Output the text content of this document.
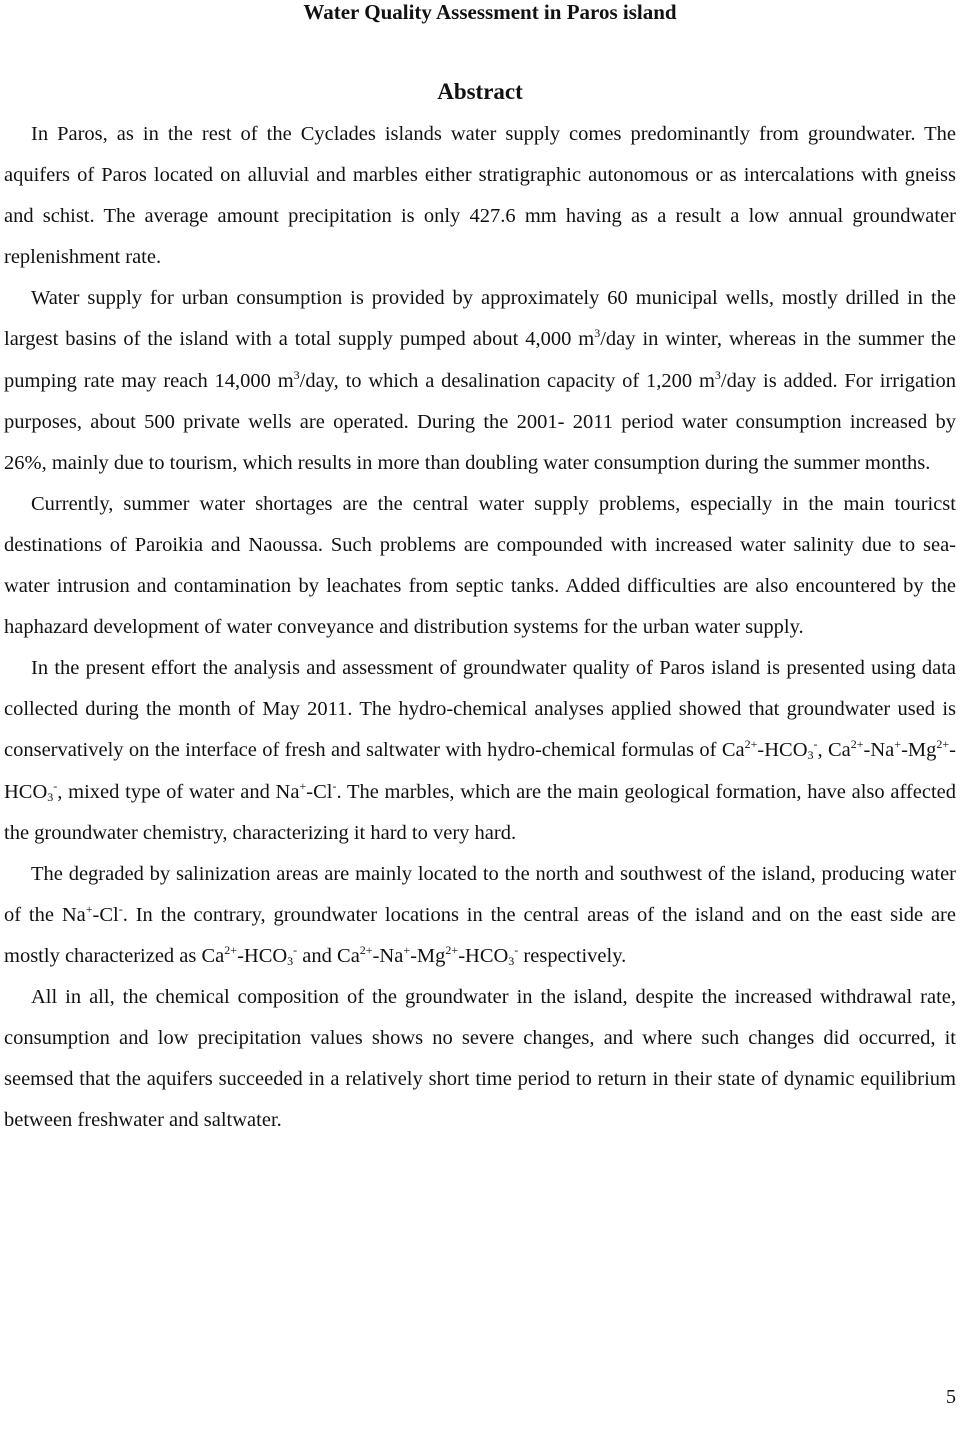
Water Quality Assessment in Paros island
Abstract

In Paros, as in the rest of the Cyclades islands water supply comes predominantly from groundwater. The aquifers of Paros located on alluvial and marbles either stratigraphic autonomous or as intercalations with gneiss and schist. The average amount precipitation is only 427.6 mm having as a result a low annual groundwater replenishment rate.

Water supply for urban consumption is provided by approximately 60 municipal wells, mostly drilled in the largest basins of the island with a total supply pumped about 4,000 $m^3$/day in winter, whereas in the summer the pumping rate may reach 14,000 $m^3$/day, to which a desalination capacity of 1,200 $m^3$/day is added. For irrigation purposes, about 500 private wells are operated. During the 2001- 2011 period water consumption increased by 26%, mainly due to tourism, which results in more than doubling water consumption during the summer months.

Currently, summer water shortages are the central water supply problems, especially in the main touricst destinations of Paroikia and Naoussa. Such problems are compounded with increased water salinity due to sea-water intrusion and contamination by leachates from septic tanks. Added difficulties are also encountered by the haphazard development of water conveyance and distribution systems for the urban water supply.

In the present effort the analysis and assessment of groundwater quality of Paros island is presented using data collected during the month of May 2011. The hydro-chemical analyses applied showed that groundwater used is conservatively on the interface of fresh and saltwater with hydro-chemical formulas of $Ca^{2+}-HCO_3^-$, $Ca^{2+}-Na^+-Mg^{2+}-HCO_3^-$, mixed type of water and Na+-Cl-. The marbles, which are the main geological formation, have also affected the groundwater chemistry, characterizing it hard to very hard.

The degraded by salinization areas are mainly located to the north and southwest of the island, producing water of the Na+-Cl-. In the contrary, groundwater locations in the central areas of the island and on the east side are mostly characterized as $Ca^{2+}-HCO_3^-$ and $Ca^{2+}-Na^+-Mg^{2+}-HCO_3^-$ respectively.

All in all, the chemical composition of the groundwater in the island, despite the increased withdrawal rate, consumption and low precipitation values shows no severe changes, and where such changes did occurred, it seemsed that the aquifers succeeded in a relatively short time period to return in their state of dynamic equilibrium between freshwater and saltwater.

5
